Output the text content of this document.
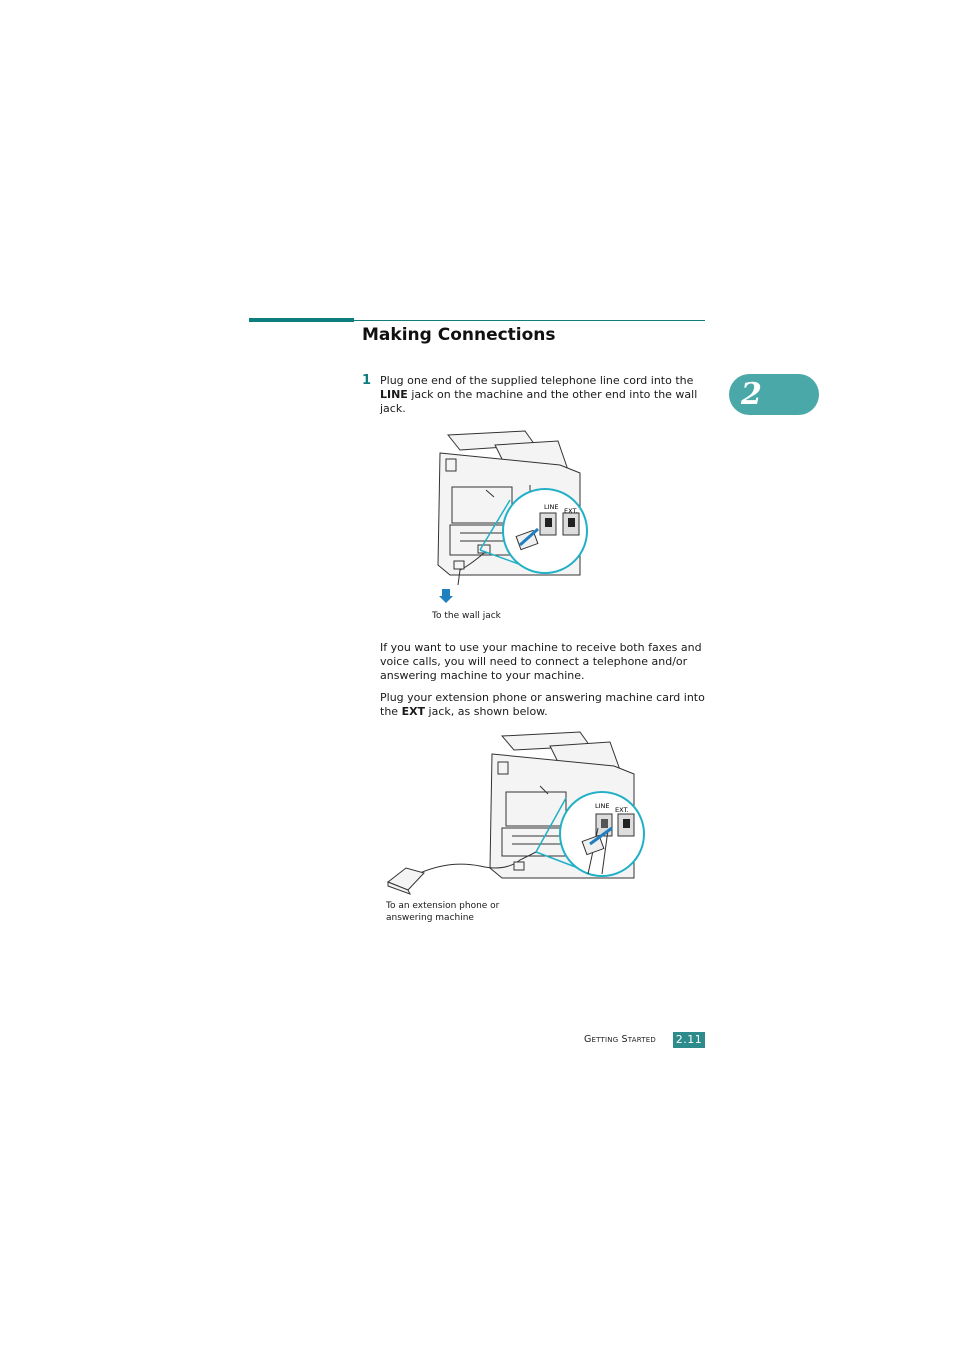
Making Connections
2
1 Plug one end of the supplied telephone line cord into the LINE jack on the machine and the other end into the wall jack.

LINE EXT.

To the wall jack

If you want to use your machine to receive both faxes and voice calls, you will need to connect a telephone and/or answering machine to your machine.

Plug your extension phone or answering machine card into the EXT jack, as shown below.

LINE EXT.

To an extension phone or
answering machine

Getting Started 2.11
